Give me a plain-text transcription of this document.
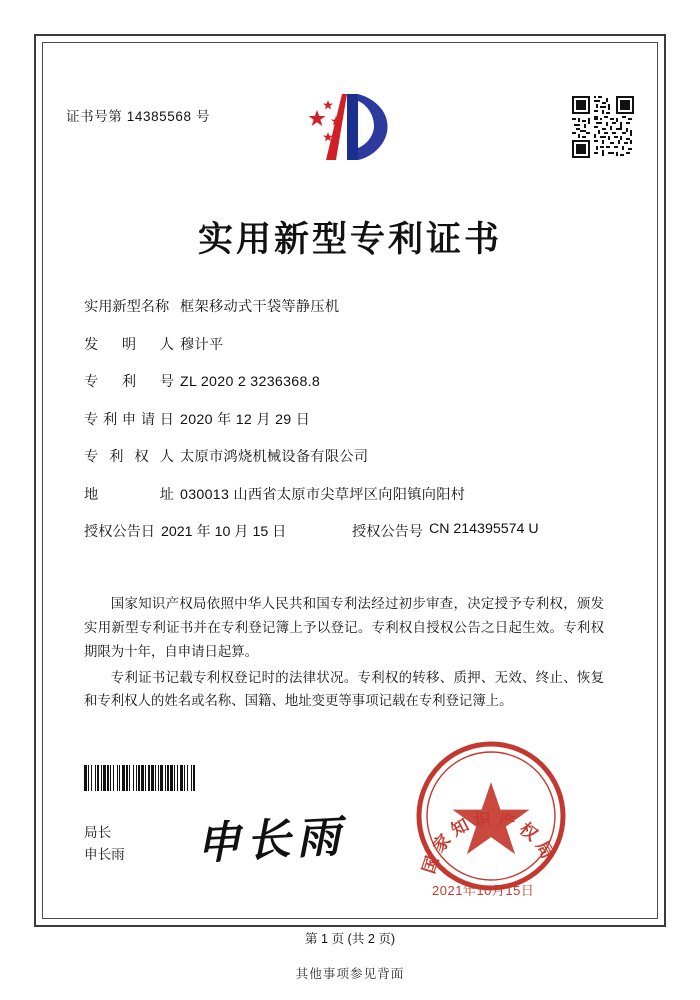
证书号第 14385568 号
实用新型专利证书
实用新型名称 框架移动式干袋等静压机
发明人 穆计平
专利号 ZL 2020 2 3236368.8
专利申请日 2020 年 12 月 29 日
专利权人 太原市鸿烧机械设备有限公司
地址 030013 山西省太原市尖草坪区向阳镇向阳村
授权公告日 2021 年 10 月 15 日	授权公告号 CN 214395574 U

国家知识产权局依照中华人民共和国专利法经过初步审查，决定授予专利权，颁发实用新型专利证书并在专利登记簿上予以登记。专利权自授权公告之日起生效。专利权期限为十年，自申请日起算。

专利证书记载专利权登记时的法律状况。专利权的转移、质押、无效、终止、恢复和专利权人的姓名或名称、国籍、地址变更等事项记载在专利登记簿上。

局长
申长雨 申长雨	国家知识产权局
2021年10月15日
第 1 页 (共 2 页)
其他事项参见背面
